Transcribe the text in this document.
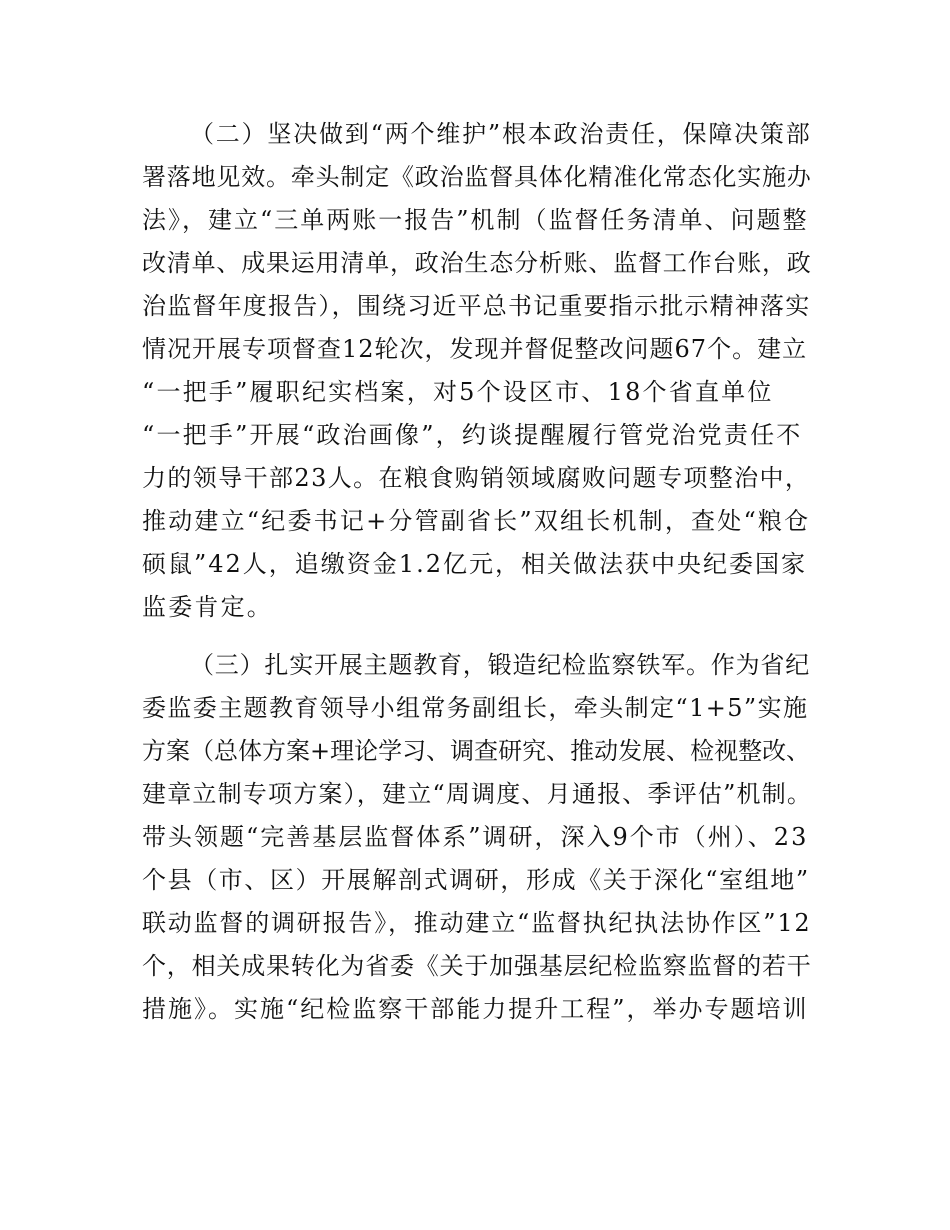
（二）坚决做到“两个维护”根本政治责任，保障决策部
署落地见效。牵头制定《政治监督具体化精准化常态化实施办
法》，建立“三单两账一报告”机制（监督任务清单、问题整
改清单、成果运用清单，政治生态分析账、监督工作台账，政
治监督年度报告），围绕习近平总书记重要指示批示精神落实
情况开展专项督查12轮次，发现并督促整改问题67个。建立
“一把手”履职纪实档案，对5个设区市、18个省直单位
“一把手”开展“政治画像”，约谈提醒履行管党治党责任不
力的领导干部23人。在粮食购销领域腐败问题专项整治中，
推动建立“纪委书记+分管副省长”双组长机制，查处“粮仓
硕鼠”42人，追缴资金1.2亿元，相关做法获中央纪委国家
监委肯定。
（三）扎实开展主题教育，锻造纪检监察铁军。作为省纪
委监委主题教育领导小组常务副组长，牵头制定“1+5”实施
方案（总体方案+理论学习、调查研究、推动发展、检视整改、
建章立制专项方案），建立“周调度、月通报、季评估”机制。
带头领题“完善基层监督体系”调研，深入9个市（州）、23
个县（市、区）开展解剖式调研，形成《关于深化“室组地”
联动监督的调研报告》，推动建立“监督执纪执法协作区”12
个，相关成果转化为省委《关于加强基层纪检监察监督的若干
措施》。实施“纪检监察干部能力提升工程”，举办专题培训
